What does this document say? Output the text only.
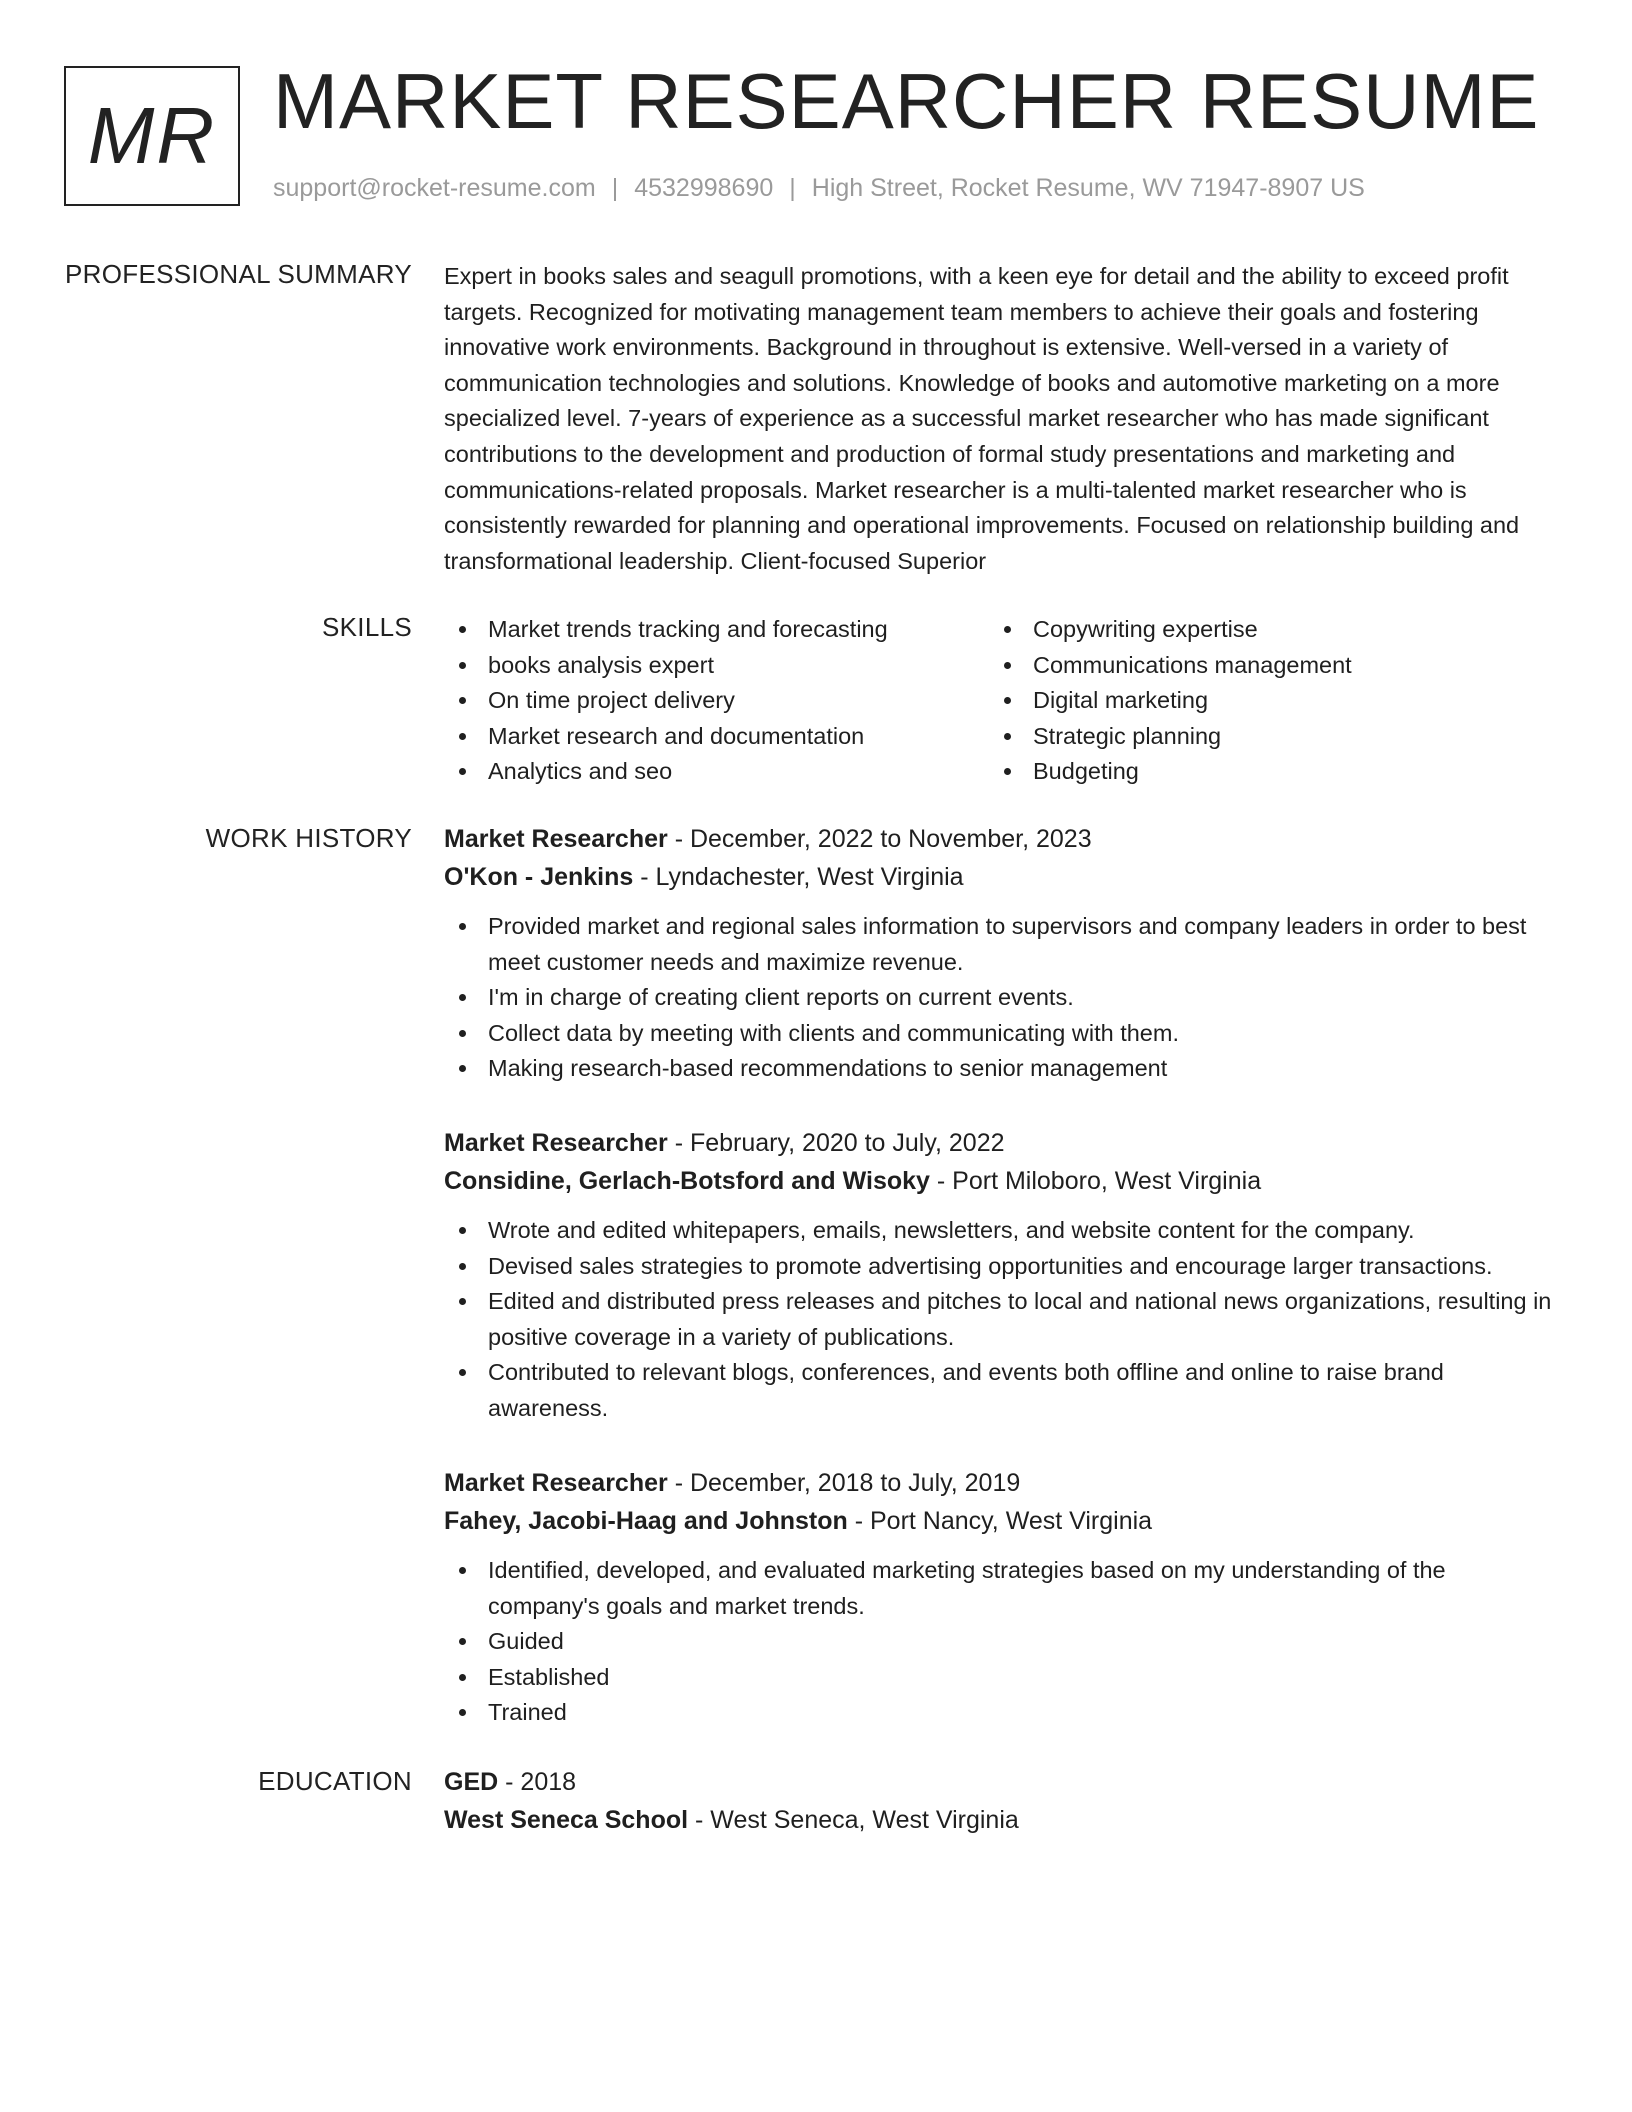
MR MARKET RESEARCHER RESUME
support@rocket-resume.com | 4532998690 | High Street, Rocket Resume, WV 71947-8907 US
PROFESSIONAL SUMMARY Expert in books sales and seagull promotions, with a keen eye for detail and the ability to exceed profit targets. Recognized for motivating management team members to achieve their goals and fostering innovative work environments. Background in throughout is extensive. Well-versed in a variety of communication technologies and solutions. Knowledge of books and automotive marketing on a more specialized level. 7-years of experience as a successful market researcher who has made significant contributions to the development and production of formal study presentations and marketing and communications-related proposals. Market researcher is a multi-talented market researcher who is consistently rewarded for planning and operational improvements. Focused on relationship building and transformational leadership. Client-focused Superior

SKILLS	Market trends tracking and forecasting
books analysis expert
On time project delivery
Market research and documentation
Analytics and seo
Copywriting expertise
Communications management
Digital marketing
Strategic planning
Budgeting
WORK HISTORY Market Researcher - December, 2022 to November, 2023
O'Kon - Jenkins - Lyndachester, West Virginia
Provided market and regional sales information to supervisors and company leaders in order to best meet customer needs and maximize revenue.
I'm in charge of creating client reports on current events.
Collect data by meeting with clients and communicating with them.
Making research-based recommendations to senior management
Market Researcher - February, 2020 to July, 2022
Considine, Gerlach-Botsford and Wisoky - Port Miloboro, West Virginia
Wrote and edited whitepapers, emails, newsletters, and website content for the company.
Devised sales strategies to promote advertising opportunities and encourage larger transactions.
Edited and distributed press releases and pitches to local and national news organizations, resulting in positive coverage in a variety of publications.
Contributed to relevant blogs, conferences, and events both offline and online to raise brand awareness.
Market Researcher - December, 2018 to July, 2019
Fahey, Jacobi-Haag and Johnston - Port Nancy, West Virginia
Identified, developed, and evaluated marketing strategies based on my understanding of the company's goals and market trends.
Guided
Established
Trained
EDUCATION GED - 2018
West Seneca School - West Seneca, West Virginia
